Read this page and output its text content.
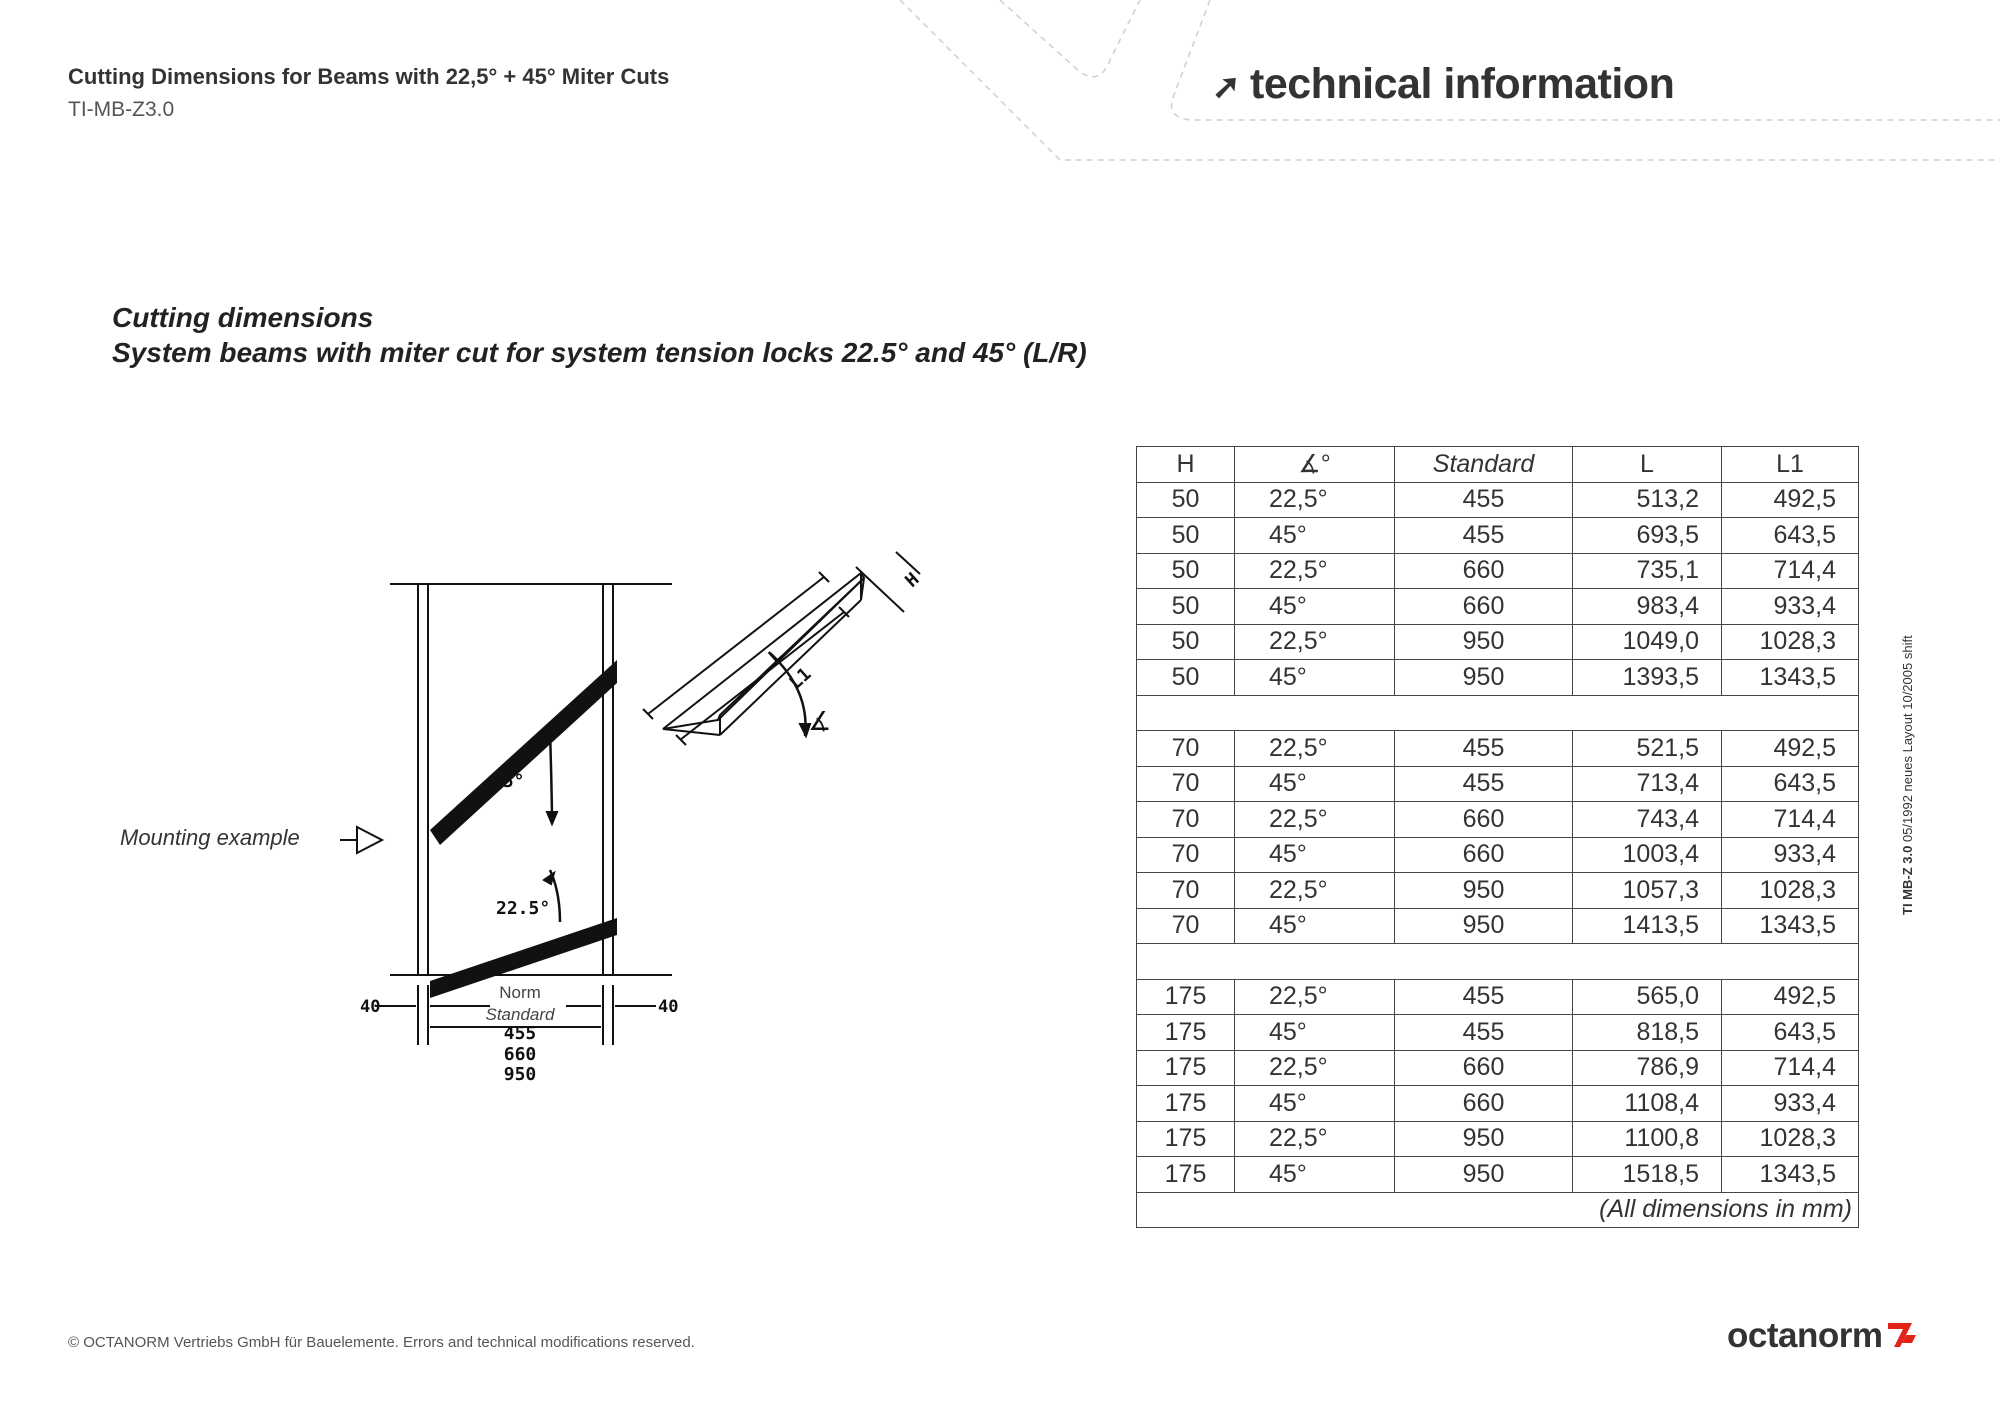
Cutting Dimensions for Beams with 22,5° + 45° Miter Cuts
TI-MB-Z3.0
➚ technical information
Cutting dimensions
System beams with miter cut for system tension locks 22.5° and 45° (L/R)
Mounting example
45°
22.5°
40	40
Norm
Standard
455
660
950
L
L1
H
∡
H	∡°	Standard	L	L1
50	22,5°	455	513,2	492,5
50	45°	455	693,5	643,5
50	22,5°	660	735,1	714,4
50	45°	660	983,4	933,4
50	22,5°	950	1049,0	1028,3
50	45°	950	1393,5	1343,5

70	22,5°	455	521,5	492,5
70	45°	455	713,4	643,5
70	22,5°	660	743,4	714,4
70	45°	660	1003,4	933,4
70	22,5°	950	1057,3	1028,3
70	45°	950	1413,5	1343,5

175	22,5°	455	565,0	492,5
175	45°	455	818,5	643,5
175	22,5°	660	786,9	714,4
175	45°	660	1108,4	933,4
175	22,5°	950	1100,8	1028,3
175	45°	950	1518,5	1343,5
(All dimensions in mm)				
TI MB-Z 3.0 05/1992 neues Layout 10/2005 shift
© OCTANORM Vertriebs GmbH für Bauelemente. Errors and technical modifications reserved.	octanorm
